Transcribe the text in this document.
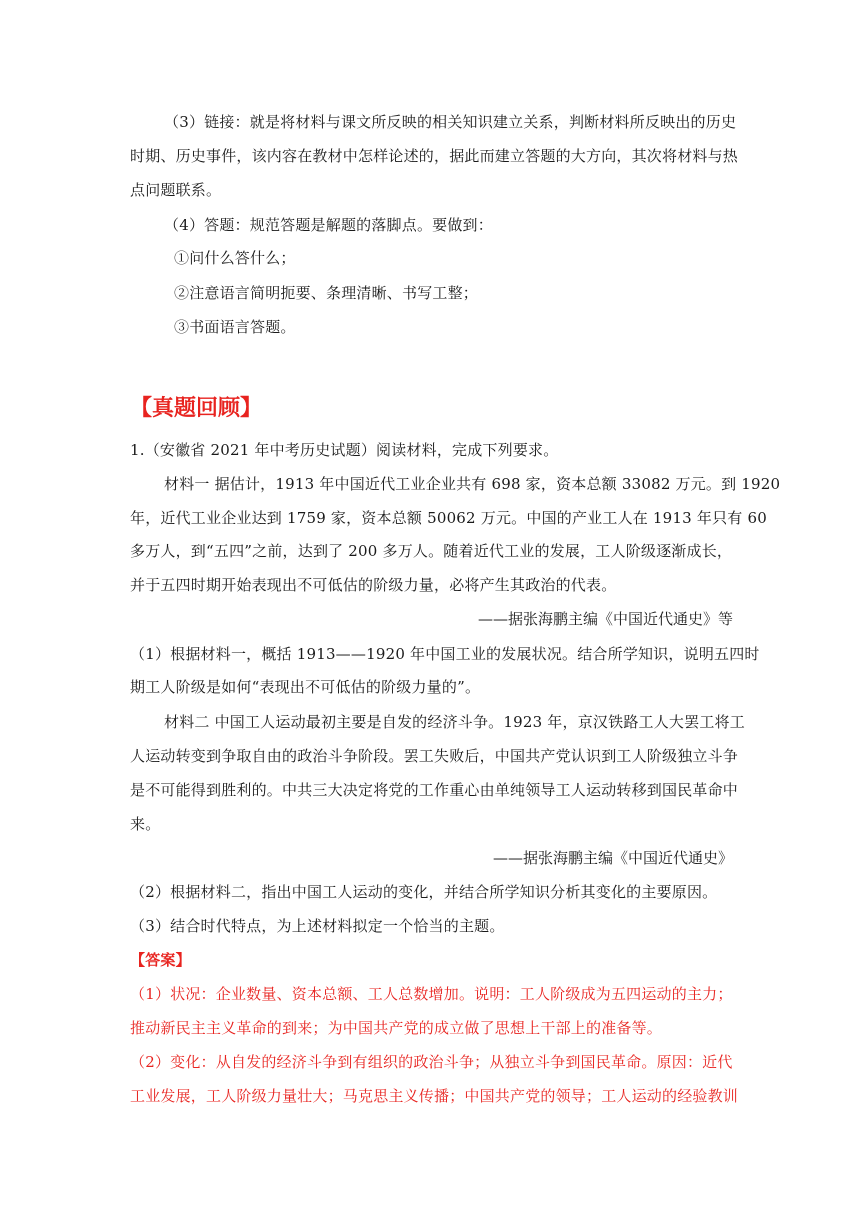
（3）链接：就是将材料与课文所反映的相关知识建立关系，判断材料所反映出的历史
时期、历史事件，该内容在教材中怎样论述的，据此而建立答题的大方向，其次将材料与热
点问题联系。
（4）答题：规范答题是解题的落脚点。要做到：
①问什么答什么；
②注意语言简明扼要、条理清晰、书写工整；
③书面语言答题。
【真题回顾】
1.（安徽省 2021 年中考历史试题）阅读材料，完成下列要求。
材料一 据估计，1913 年中国近代工业企业共有 698 家，资本总额 33082 万元。到 1920
年，近代工业企业达到 1759 家，资本总额 50062 万元。中国的产业工人在 1913 年只有 60
多万人，到“五四”之前，达到了 200 多万人。随着近代工业的发展，工人阶级逐渐成长，
并于五四时期开始表现出不可低估的阶级力量，必将产生其政治的代表。
——据张海鹏主编《中国近代通史》等
（1）根据材料一，概括 1913——1920 年中国工业的发展状况。结合所学知识，说明五四时
期工人阶级是如何“表现出不可低估的阶级力量的”。
材料二 中国工人运动最初主要是自发的经济斗争。1923 年，京汉铁路工人大罢工将工
人运动转变到争取自由的政治斗争阶段。罢工失败后，中国共产党认识到工人阶级独立斗争
是不可能得到胜利的。中共三大决定将党的工作重心由单纯领导工人运动转移到国民革命中
来。
——据张海鹏主编《中国近代通史》
（2）根据材料二，指出中国工人运动的变化，并结合所学知识分析其变化的主要原因。
（3）结合时代特点，为上述材料拟定一个恰当的主题。
【答案】
（1）状况：企业数量、资本总额、工人总数增加。说明：工人阶级成为五四运动的主力；
推动新民主主义革命的到来；为中国共产党的成立做了思想上干部上的准备等。
（2）变化：从自发的经济斗争到有组织的政治斗争；从独立斗争到国民革命。原因：近代
工业发展，工人阶级力量壮大；马克思主义传播；中国共产党的领导；工人运动的经验教训
